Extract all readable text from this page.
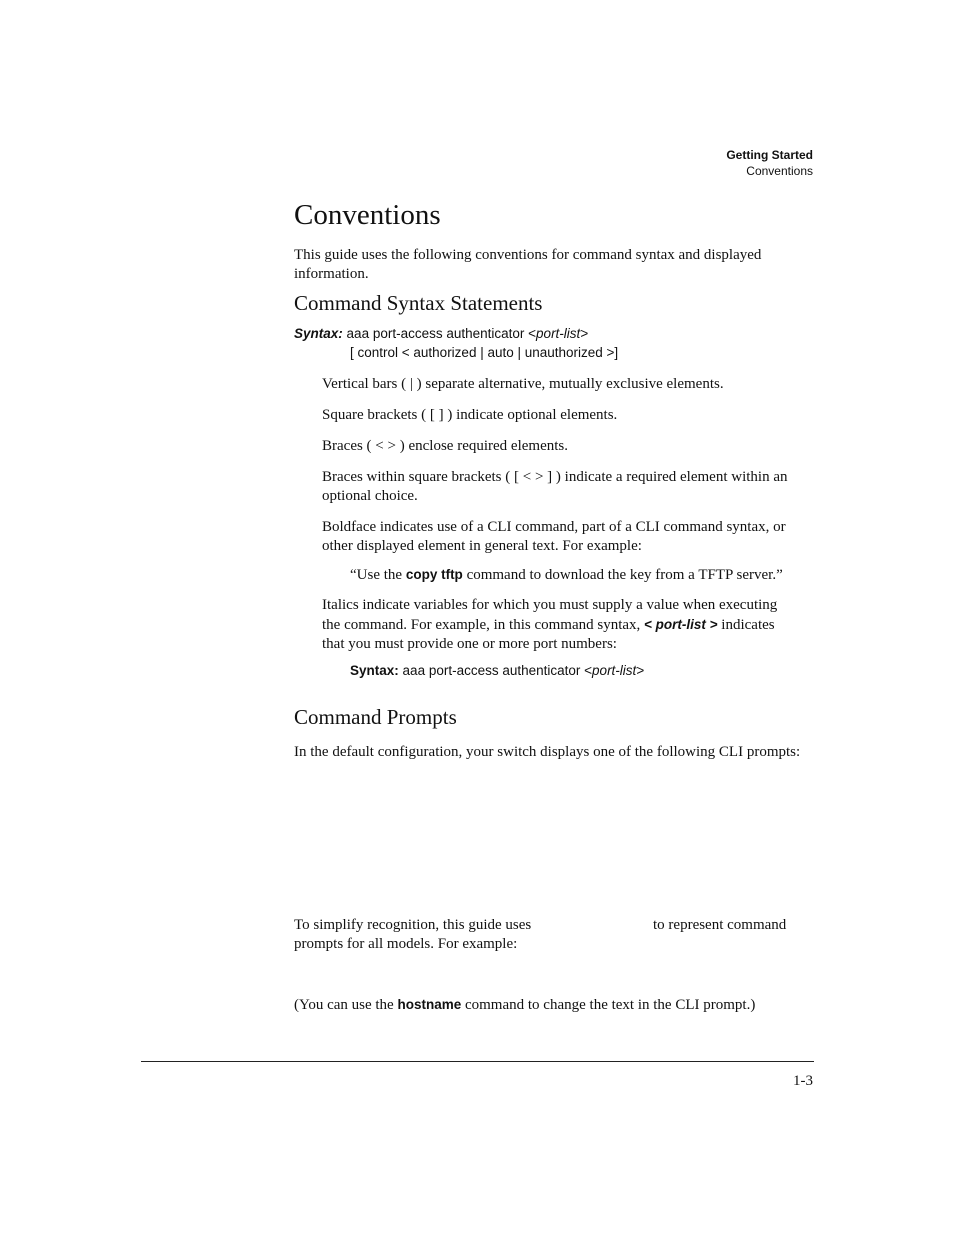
Getting Started
Conventions
Conventions
This guide uses the following conventions for command syntax and displayed information.
Command Syntax Statements
Syntax: aaa port-access authenticator <port-list>
[ control < authorized | auto | unauthorized >]
Vertical bars ( | ) separate alternative, mutually exclusive elements.
Square brackets ( [ ] ) indicate optional elements.
Braces ( < > ) enclose required elements.
Braces within square brackets ( [ < > ] ) indicate a required element within an optional choice.
Boldface indicates use of a CLI command, part of a CLI command syntax, or other displayed element in general text. For example:
“Use the copy tftp command to download the key from a TFTP server.”
Italics indicate variables for which you must supply a value when executing the command. For example, in this command syntax, < port-list > indicates that you must provide one or more port numbers:
Syntax: aaa port-access authenticator <port-list>
Command Prompts
In the default configuration, your switch displays one of the following CLI prompts:
To simplify recognition, this guide uses	to represent command
prompts for all models. For example:
(You can use the hostname command to change the text in the CLI prompt.)
1-3
